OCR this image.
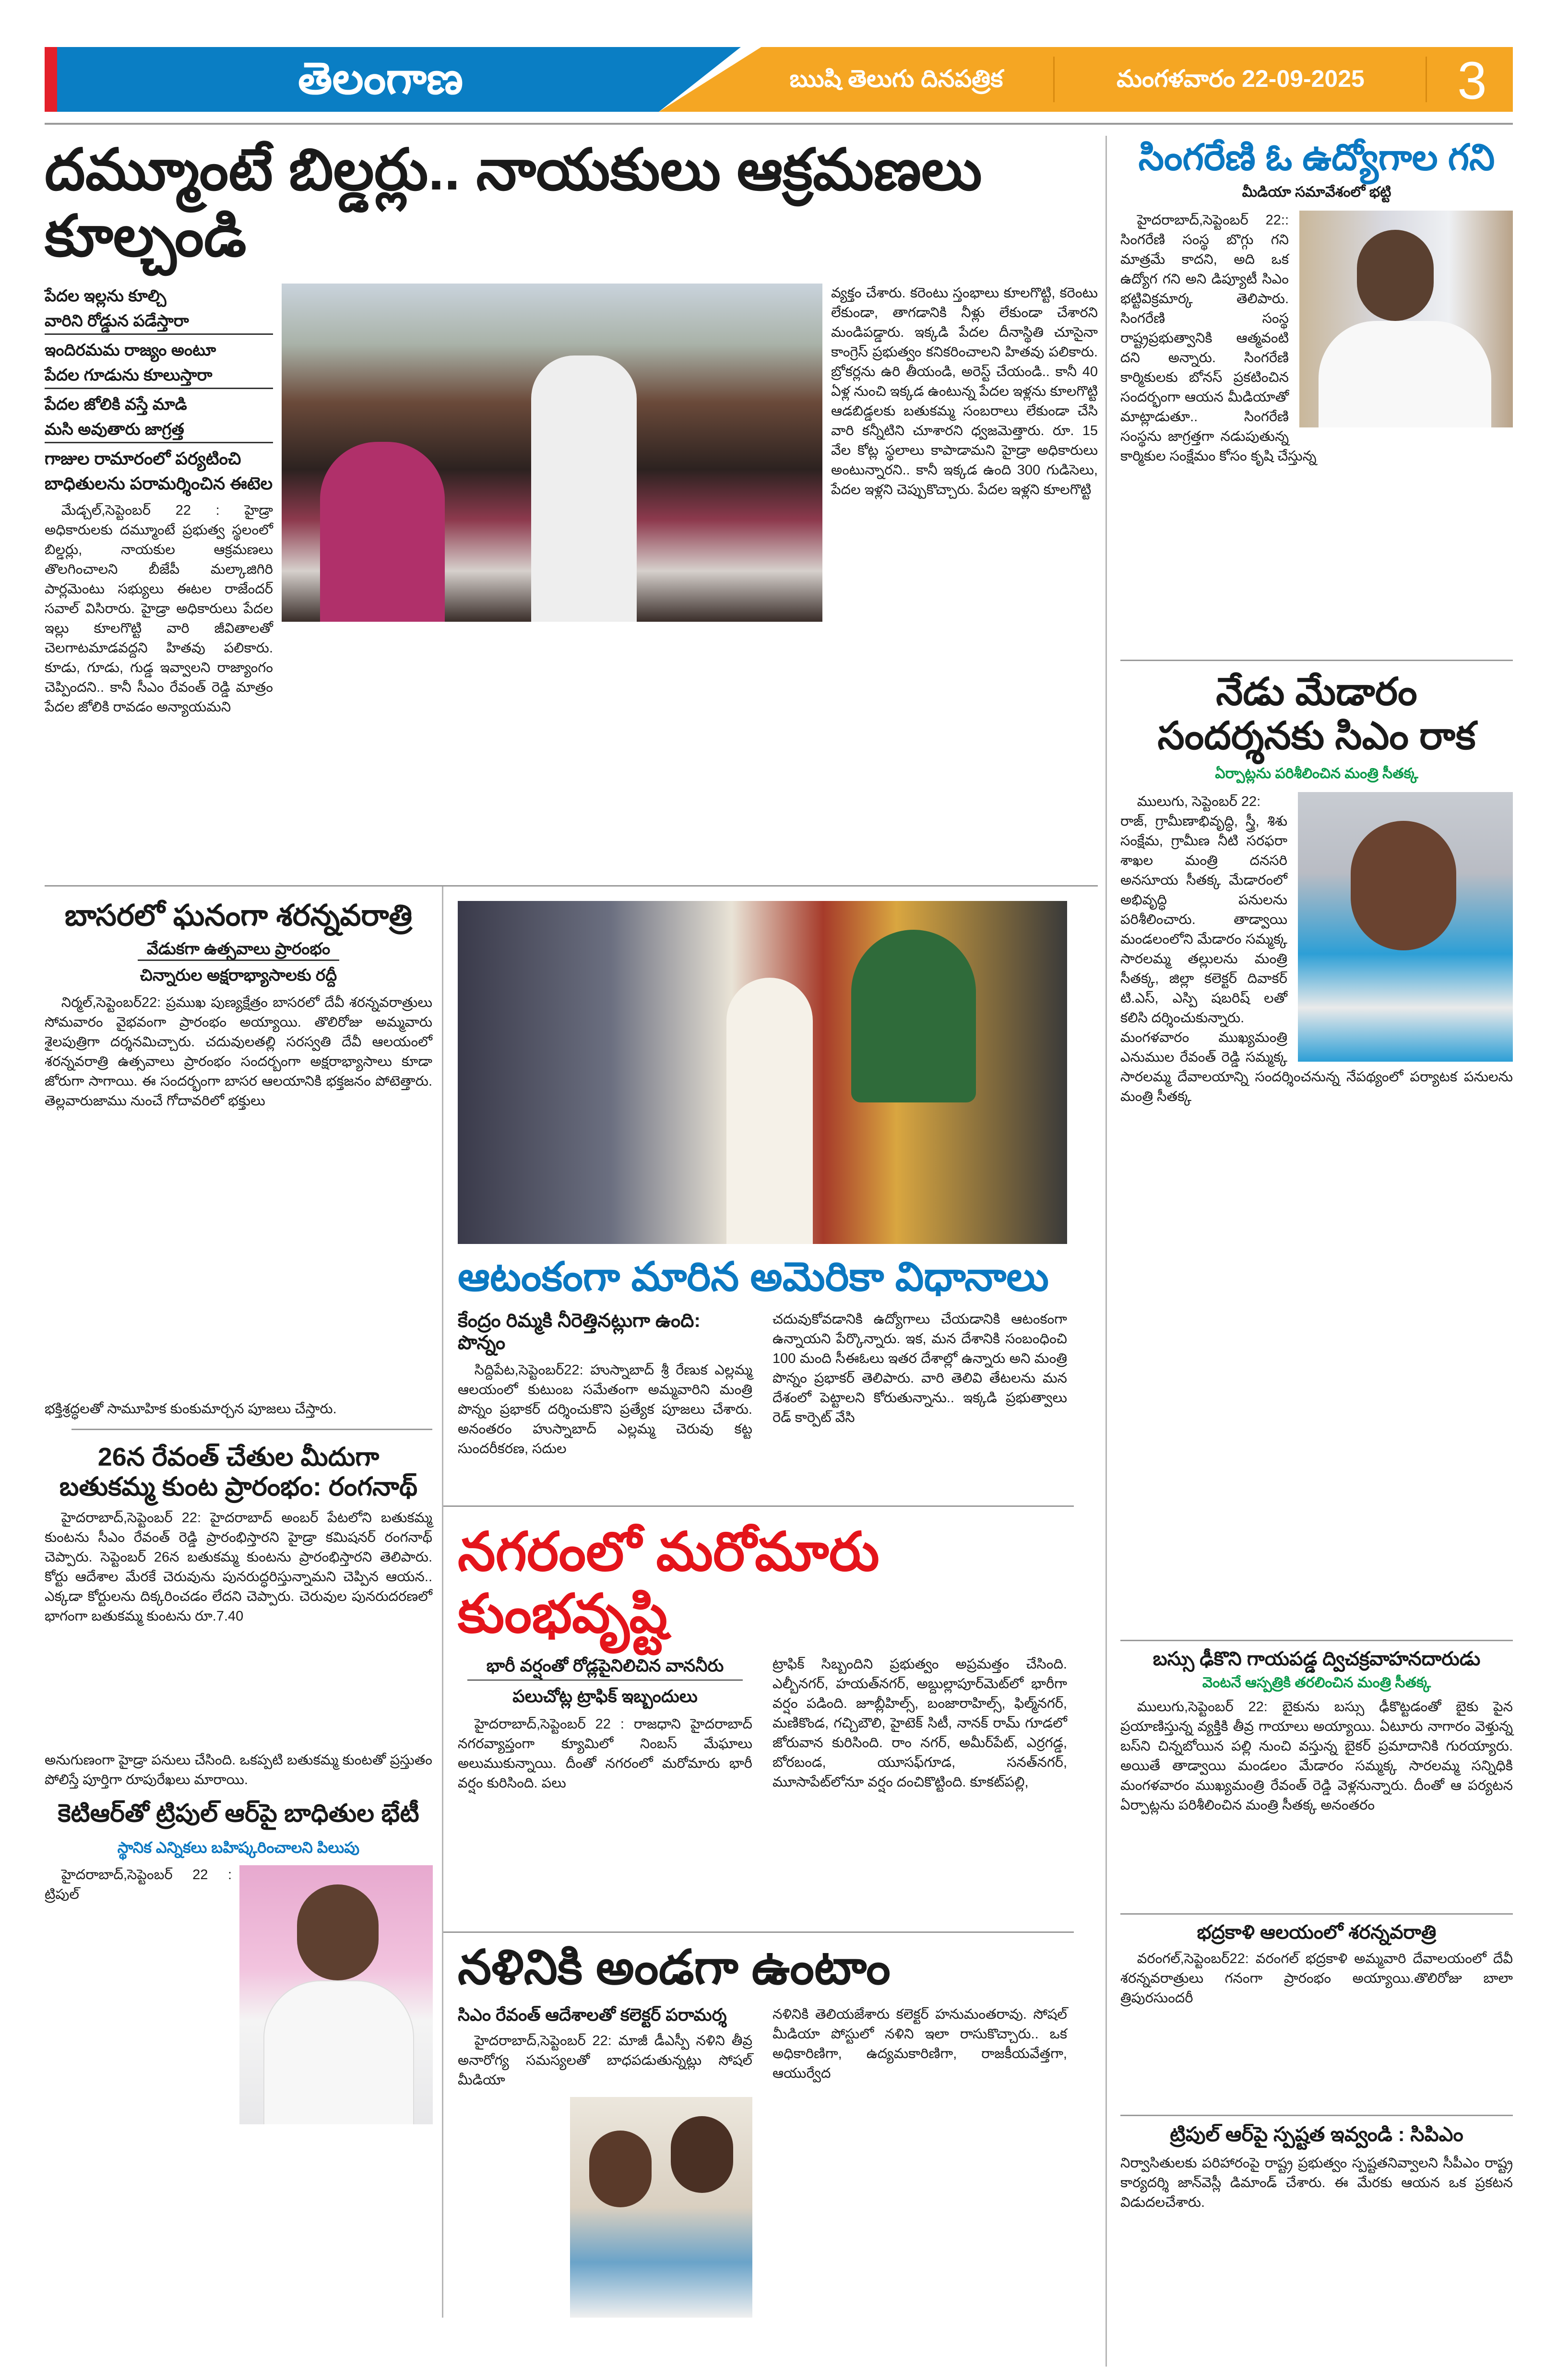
తెలంగాణ	ఋషి తెలుగు దినపత్రిక	మంగళవారం 22-09-2025	3
దమ్మూంటే బిల్డర్లు.. నాయకులు ఆక్రమణలు కూల్చండి
పేదల ఇల్లను కూల్చి
వారిని రోడ్డున పడేస్తారా
ఇందిరమమ రాజ్యం అంటూ
పేదల గూడును కూలుస్తారా
పేదల జోలికి వస్తే మాడి
మసి అవుతారు జాగ్రత్త
గాజుల రామారంలో పర్యటించి
బాధితులను పరామర్శించిన ఈటెల

మేడ్చల్,సెప్టెంబర్ 22 : హైడ్రా అధికారులకు దమ్మూంటే ప్రభుత్వ స్థలంలో బిల్డర్లు, నాయకుల ఆక్రమణలు తొలగించాలని బీజేపీ మల్కాజిగిరి పార్లమెంటు సభ్యులు ఈటల రాజేందర్ సవాల్ విసిరారు. హైడ్రా అధికారులు పేదల ఇల్లు కూలగొట్టి వారి జీవితాలతో చెలగాటమాడవద్దని హితవు పలికారు. కూడు, గూడు, గుడ్డ ఇవ్వాలని రాజ్యాంగం చెప్పిందని.. కానీ సీఎం రేవంత్ రెడ్డి మాత్రం పేదల జోలికి రావడం అన్యాయమని

వ్యక్తం చేశారు. కరెంటు స్తంభాలు కూలగొట్టి, కరెంటు లేకుండా, తాగడానికి నీళ్లు లేకుండా చేశారని మండిపడ్డారు. ఇక్కడి పేదల దీనాస్థితి చూసైనా కాంగ్రెస్ ప్రభుత్వం కనికరించాలని హితవు పలికారు. బ్రోకర్లను ఉరి తీయండి, అరెస్ట్ చేయండి.. కానీ 40 ఏళ్ల నుంచి ఇక్కడ ఉంటున్న పేదల ఇళ్లను కూలగొట్టి ఆడబిడ్డలకు బతుకమ్మ సంబరాలు లేకుండా చేసి వారి కన్నీటిని చూశారని ధ్వజమెత్తారు. రూ. 15 వేల కోట్ల స్థలాలు కాపాడామని హైడ్రా అధికారులు అంటున్నారని.. కానీ ఇక్కడ ఉంది 300 గుడిసెలు, పేదల ఇళ్లని చెప్పుకొచ్చారు. పేదల ఇళ్లని కూలగొట్టి

బాసరలో ఘనంగా శరన్నవరాత్రి
వేడుకగా ఉత్సవాలు ప్రారంభం
చిన్నారుల అక్షరాభ్యాసాలకు రద్దీ

నిర్మల్,సెప్టెంబర్22: ప్రముఖ పుణ్యక్షేత్రం బాసరలో దేవీ శరన్నవరాత్రులు సోమవారం వైభవంగా ప్రారంభం అయ్యాయి. తొలిరోజు అమ్మవారు శైలపుత్రిగా దర్శనమిచ్చారు. చదువులతల్లి సరస్వతి దేవీ ఆలయంలో శరన్నవరాత్రి ఉత్సవాలు ప్రారంభం సందర్బంగా అక్షరాభ్యాసాలు కూడా జోరుగా సాగాయి. ఈ సందర్భంగా బాసర ఆలయానికి భక్తజనం పోటెత్తారు. తెల్లవారుజాము నుంచే గోదావరిలో భక్తులు

భక్తిశ్రద్ధలతో సామూహిక కుంకుమార్చన పూజలు చేస్తారు.

26న రేవంత్ చేతుల మీదుగా
బతుకమ్మ కుంట ప్రారంభం: రంగనాథ్

హైదరాబాద్,సెప్టెంబర్ 22: హైదరాబాద్ అంబర్ పేటలోని బతుకమ్మ కుంటను సీఎం రేవంత్ రెడ్డి ప్రారంభిస్తారని హైడ్రా కమిషనర్ రంగనాథ్ చెప్పారు. సెప్టెంబర్ 26న బతుకమ్మ కుంటను ప్రారంభిస్తారని తెలిపారు. కోర్టు ఆదేశాల మేరకే చెరువును పునరుద్ధరిస్తున్నామని చెప్పిన ఆయన.. ఎక్కడా కోర్టులను దిక్కరించడం లేదని చెప్పారు. చెరువుల పునరుదరణలో భాగంగా బతుకమ్మ కుంటను రూ.7.40

అనుగుణంగా హైడ్రా పనులు చేసింది. ఒకప్పటి బతుకమ్మ కుంటతో ప్రస్తుతం పోలిస్తే పూర్తిగా రూపురేఖలు మారాయి.

కెటిఆర్‌తో ట్రిపుల్ ఆర్‌పై బాధితుల భేటీ
స్థానిక ఎన్నికలు బహిష్కరించాలని పిలుపు

హైదరాబాద్,సెప్టెంబర్ 22 : ట్రిపుల్

ఆటంకంగా మారిన అమెరికా విధానాలు
కేంద్రం రిమ్మకి నీరెత్తినట్లుగా ఉంది: పొన్నం

సిద్దిపేట,సెప్టెంబర్22: హుస్నాబాద్ శ్రీ రేణుక ఎల్లమ్మ ఆలయంలో కుటుంబ సమేతంగా అమ్మవారిని మంత్రి పొన్నం ప్రభాకర్ దర్శించుకొని ప్రత్యేక పూజలు చేశారు. అనంతరం హుస్నాబాద్ ఎల్లమ్మ చెరువు కట్ట సుందరీకరణ, సదుల

చదువుకోవడానికి ఉద్యోగాలు చేయడానికి ఆటంకంగా ఉన్నాయని పేర్కొన్నారు. ఇక, మన దేశానికి సంబంధించి 100 మంది సీఈఓలు ఇతర దేశాల్లో ఉన్నారు అని మంత్రి పొన్నం ప్రభాకర్ తెలిపారు. వారి తెలివి తేటలను మన దేశంలో పెట్టాలని కోరుతున్నాను.. ఇక్కడి ప్రభుత్వాలు రెడ్ కార్పెట్ వేసి

నగరంలో మరోమారు కుంభవృష్టి
భారీ వర్షంతో రోడ్లపైనిలిచిన వాననీరు
పలుచోట్ల ట్రాఫిక్ ఇబ్బందులు

హైదరాబాద్,సెప్టెంబర్ 22 : రాజధాని హైదరాబాద్ నగరవ్యాప్తంగా క్యూమిలో నింబస్ మేఘాలు అలుముకున్నాయి. దీంతో నగరంలో మరోమారు భారీ వర్షం కురిసింది. పలు

ట్రాఫిక్ సిబ్బందిని ప్రభుత్వం అప్రమత్తం చేసింది. ఎల్బీనగర్, హయత్‌నగర్, అబ్దుల్లాపూర్‌మెట్‌లో భారీగా వర్షం పడింది. జూబ్లీహిల్స్, బంజారాహిల్స్, ఫిల్మ్‌నగర్, మణికొండ, గచ్చిబౌలి, హైటెక్ సిటీ, నానక్ రామ్ గూడలో జోరువాన కురిసింది. రాం నగర్, అమీర్‌పేట్, ఎర్రగడ్డ, బోరబండ, యూసఫ్‌గూడ, సనత్‌నగర్, మూసాపేట్‌లోనూ వర్షం దంచికొట్టింది. కూకట్‌పల్లి,

నళినికి అండగా ఉంటాం
సిఎం రేవంత్ ఆదేశాలతో కలెక్టర్ పరామర్శ

హైదరాబాద్,సెప్టెంబర్ 22: మాజీ డీఎస్పీ నళిని తీవ్ర అనారోగ్య సమస్యలతో బాధపడుతున్నట్లు సోషల్ మీడియా

నళినికి తెలియజేశారు కలెక్టర్ హనుమంతరావు. సోషల్ మీడియా పోస్టులో నళిని ఇలా రాసుకొచ్చారు.. ఒక అధికారిణిగా, ఉద్యమకారిణిగా, రాజకీయవేత్తగా, ఆయుర్వేద

సింగరేణి ఓ ఉద్యోగాల గని
మీడియా సమావేశంలో భట్టి

హైదరాబాద్,సెప్టెంబర్ 22:: సింగరేణి సంస్థ బొగ్గు గని మాత్రమే కాదని, అది ఒక ఉద్యోగ గని అని డిప్యూటీ సిఎం భట్టివిక్రమార్క తెలిపారు. సింగరేణి సంస్థ రాష్ట్రప్రభుత్వానికి ఆత్మవంటి దని అన్నారు. సింగరేణి కార్మికులకు బోనస్ ప్రకటించిన సందర్భంగా ఆయన మీడియాతో మాట్లాడుతూ.. సింగరేణి సంస్థను జాగ్రత్తగా నడుపుతున్న కార్మికుల సంక్షేమం కోసం కృషి చేస్తున్న

నేడు మేడారం
సందర్శనకు సిఎం రాక
ఏర్పాట్లను పరిశీలించిన మంత్రి సీతక్క

ములుగు, సెప్టెంబర్ 22:

రాజ్, గ్రామీణాభివృద్ధి, స్త్రీ, శిశు సంక్షేమ, గ్రామీణ నీటి సరఫరా శాఖల మంత్రి దనసరి అనసూయ సీతక్క మేడారంలో అభివృద్ధి పనులను పరిశీలించారు. తాడ్వాయి మండలంలోని మేడారం సమ్మక్క సారలమ్మ తల్లులను మంత్రి సీతక్క, జిల్లా కలెక్టర్ దివాకర్ టి.ఎస్, ఎస్పి షబరిష్ లతో కలిసి దర్శించుకున్నారు.

మంగళవారం ముఖ్యమంత్రి ఎనుముల రేవంత్ రెడ్డి సమ్మక్క సారలమ్మ దేవాలయాన్ని సందర్శించనున్న నేపథ్యంలో పర్యాటక పనులను మంత్రి సీతక్క

బస్సు ఢీకొని గాయపడ్డ ద్విచక్రవాహనదారుడు
వెంటనే ఆస్పత్రికి తరలించిన మంత్రి సీతక్క

ములుగు,సెప్టెంబర్ 22: బైకును బస్సు ఢీకొట్టడంతో బైకు పైన ప్రయాణిస్తున్న వ్యక్తికి తీవ్ర గాయాలు అయ్యాయి. ఏటూరు నాగారం వెళ్తున్న బస్‌ని చిన్నబోయిన పల్లి నుంచి వస్తున్న బైకర్ ప్రమాదానికి గురయ్యారు. అయితే తాడ్వాయి మండలం మేడారం సమ్మక్క సారలమ్మ సన్నిధికి మంగళవారం ముఖ్యమంత్రి రేవంత్ రెడ్డి వెళ్లనున్నారు. దీంతో ఆ పర్యటన ఏర్పాట్లను పరిశీలించిన మంత్రి సీతక్క అనంతరం

భద్రకాళి ఆలయంలో శరన్నవరాత్రి

వరంగల్,సెప్టెంబర్22: వరంగల్ భద్రకాళి అమ్మవారి దేవాలయంలో దేవీ శరన్నవరాత్రులు గనంగా ప్రారంభం అయ్యాయి.తొలిరోజు బాలా త్రిపురసుందరీ

ట్రిపుల్ ఆర్‌పై స్పష్టత ఇవ్వండి : సిపిఎం

నిర్వాసితులకు పరిహారంపై రాష్ట్ర ప్రభుత్వం స్పష్టతనివ్వాలని సీపీఎం రాష్ట్ర కార్యదర్శి జాన్‌వెస్లీ డిమాండ్ చేశారు. ఈ మేరకు ఆయన ఒక ప్రకటన విడుదలచేశారు.
